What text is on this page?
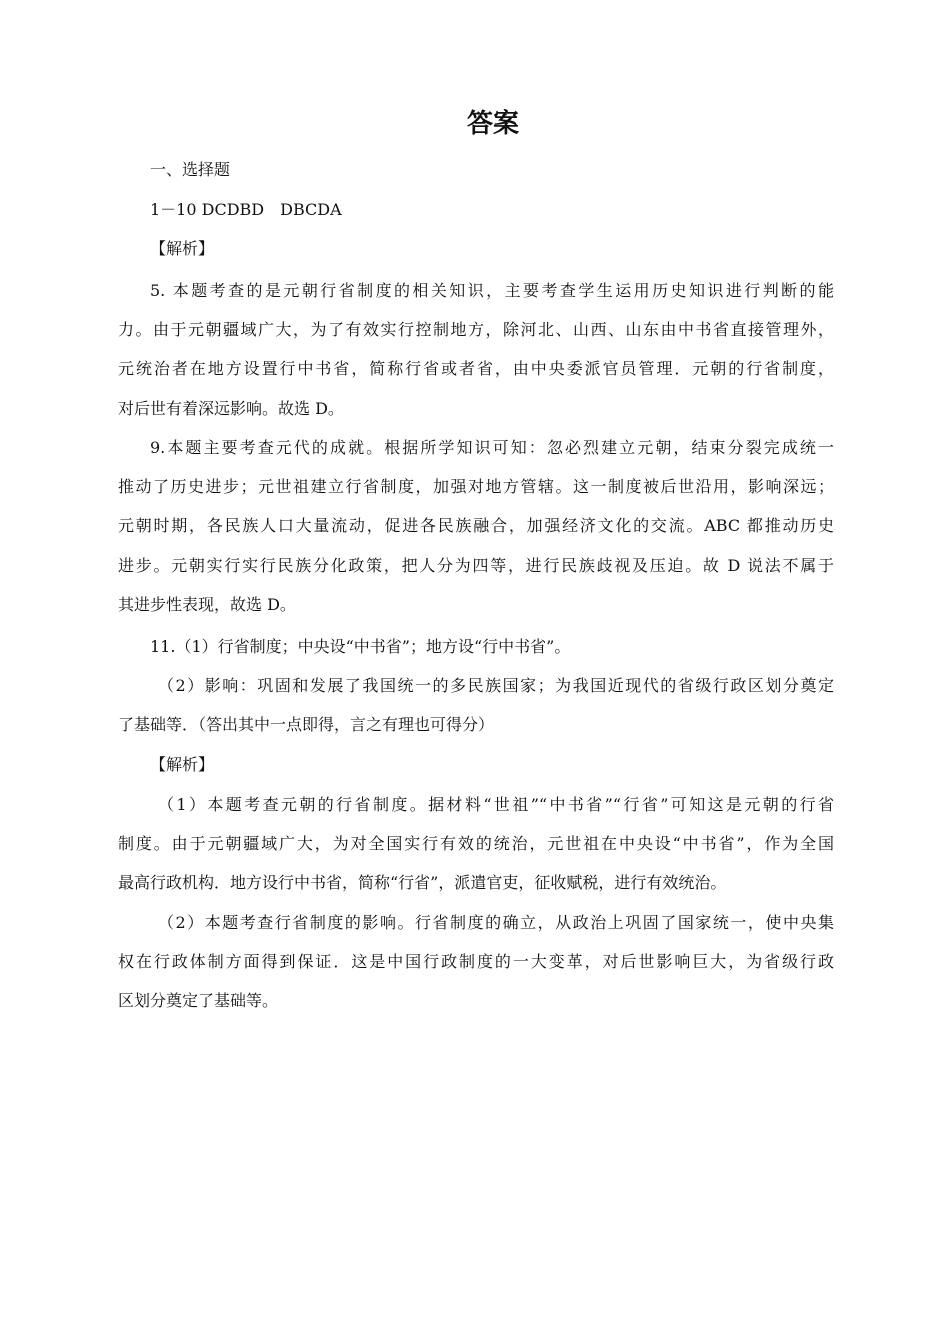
答案
一、选择题
1－10 DCDBD　DBCDA
【解析】
5. 本题考查的是元朝行省制度的相关知识，主要考查学生运用历史知识进行判断的能
力。由于元朝疆域广大，为了有效实行控制地方，除河北、山西、山东由中书省直接管理外，
元统治者在地方设置行中书省，简称行省或者省，由中央委派官员管理．元朝的行省制度，
对后世有着深远影响。故选 D。
9.本题主要考查元代的成就。根据所学知识可知：忽必烈建立元朝，结束分裂完成统一
推动了历史进步；元世祖建立行省制度，加强对地方管辖。这一制度被后世沿用，影响深远；
元朝时期，各民族人口大量流动，促进各民族融合，加强经济文化的交流。ABC 都推动历史
进步。元朝实行实行民族分化政策，把人分为四等，进行民族歧视及压迫。故 D 说法不属于
其进步性表现，故选 D。
11.（1）行省制度；中央设“中书省”；地方设“行中书省”。
（2）影响：巩固和发展了我国统一的多民族国家；为我国近现代的省级行政区划分奠定
了基础等．（答出其中一点即得，言之有理也可得分）
【解析】
（1）本题考查元朝的行省制度。据材料“世祖”“中书省”“行省”可知这是元朝的行省
制度。由于元朝疆域广大，为对全国实行有效的统治，元世祖在中央设“中书省”，作为全国
最高行政机构．地方设行中书省，简称“行省”，派遣官吏，征收赋税，进行有效统治。
（2）本题考查行省制度的影响。行省制度的确立，从政治上巩固了国家统一，使中央集
权在行政体制方面得到保证．这是中国行政制度的一大变革，对后世影响巨大，为省级行政
区划分奠定了基础等。
